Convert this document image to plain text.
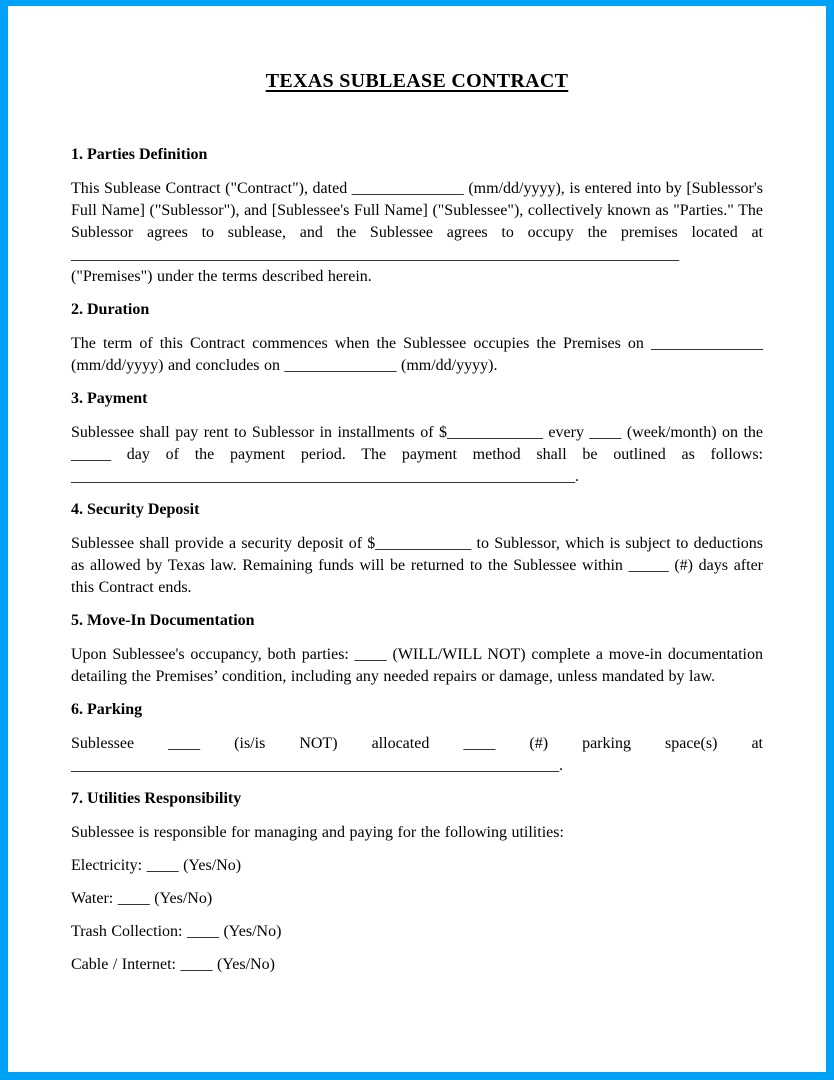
TEXAS SUBLEASE CONTRACT
1. Parties Definition

This Sublease Contract ("Contract"), dated ______________ (mm/dd/yyyy), is entered into by [Sublessor's Full Name] ("Sublessor"), and [Sublessee's Full Name] ("Sublessee"), collectively known as "Parties." The Sublessor agrees to sublease, and the Sublessee agrees to occupy the premises located at ____________________________________________________________________________ ("Premises") under the terms described herein.

2. Duration

The term of this Contract commences when the Sublessee occupies the Premises on ______________ (mm/dd/yyyy) and concludes on ______________ (mm/dd/yyyy).

3. Payment

Sublessee shall pay rent to Sublessor in installments of $____________ every ____ (week/month) on the _____ day of the payment period. The payment method shall be outlined as follows: _______________________________________________________________.

4. Security Deposit

Sublessee shall provide a security deposit of $____________ to Sublessor, which is subject to deductions as allowed by Texas law. Remaining funds will be returned to the Sublessee within _____ (#) days after this Contract ends.

5. Move-In Documentation

Upon Sublessee's occupancy, both parties: ____ (WILL/WILL NOT) complete a move-in documentation detailing the Premises’ condition, including any needed repairs or damage, unless mandated by law.

6. Parking

Sublessee ____ (is/is NOT) allocated ____ (#) parking space(s) at _____________________________________________________________.

7. Utilities Responsibility

Sublessee is responsible for managing and paying for the following utilities:

Electricity: ____ (Yes/No)

Water: ____ (Yes/No)

Trash Collection: ____ (Yes/No)

Cable / Internet: ____ (Yes/No)
